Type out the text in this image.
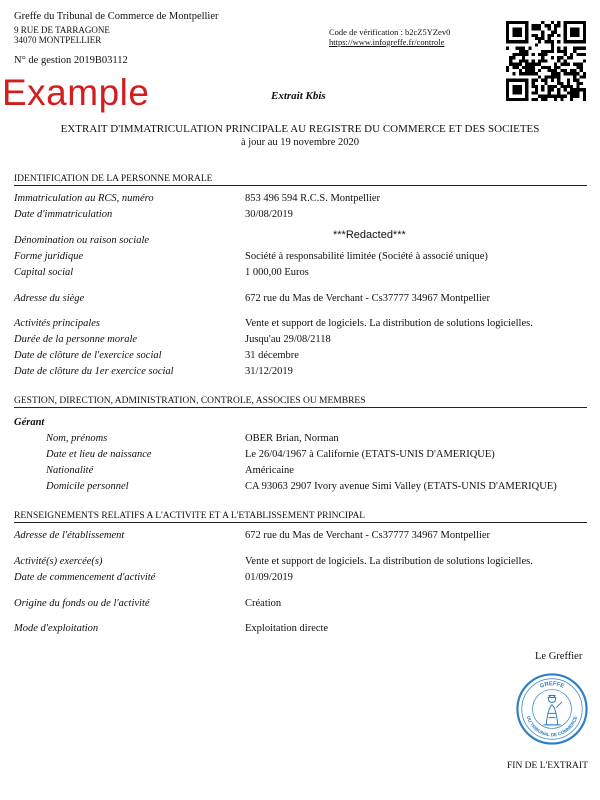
Greffe du Tribunal de Commerce de Montpellier
9 RUE DE TARRAGONE
34070 MONTPELLIER
N° de gestion 2019B03112
Code de vérification : b2cZ5YZev0
https://www.infogreffe.fr/controle
Example	Extrait Kbis
EXTRAIT D'IMMATRICULATION PRINCIPALE AU REGISTRE DU COMMERCE ET DES SOCIETES
à jour au 19 novembre 2020
IDENTIFICATION DE LA PERSONNE MORALE
Immatriculation au RCS, numéro	853 496 594 R.C.S. Montpellier
Date d'immatriculation	30/08/2019
Dénomination ou raison sociale	***Redacted***
Forme juridique	Société à responsabilité limitée (Société à associé unique)
Capital social	1 000,00 Euros
Adresse du siège	672 rue du Mas de Verchant - Cs37777 34967 Montpellier
Activités principales	Vente et support de logiciels. La distribution de solutions logicielles.
Durée de la personne morale	Jusqu'au 29/08/2118
Date de clôture de l'exercice social	31 décembre
Date de clôture du 1er exercice social	31/12/2019
GESTION, DIRECTION, ADMINISTRATION, CONTROLE, ASSOCIES OU MEMBRES
Gérant
Nom, prénoms	OBER Brian, Norman
Date et lieu de naissance	Le 26/04/1967 à Californie (ETATS-UNIS D'AMERIQUE)
Nationalité	Américaine
Domicile personnel	CA 93063 2907 Ivory avenue Simi Valley (ETATS-UNIS D'AMERIQUE)
RENSEIGNEMENTS RELATIFS A L'ACTIVITE ET A L'ETABLISSEMENT PRINCIPAL
Adresse de l'établissement	672 rue du Mas de Verchant - Cs37777 34967 Montpellier
Activité(s) exercée(s)	Vente et support de logiciels. La distribution de solutions logicielles.
Date de commencement d'activité	01/09/2019
Origine du fonds ou de l'activité	Création
Mode d'exploitation	Exploitation directe
Le Greffier
GREFFE
DU TRIBUNAL DE COMMERCE
FIN DE L'EXTRAIT
